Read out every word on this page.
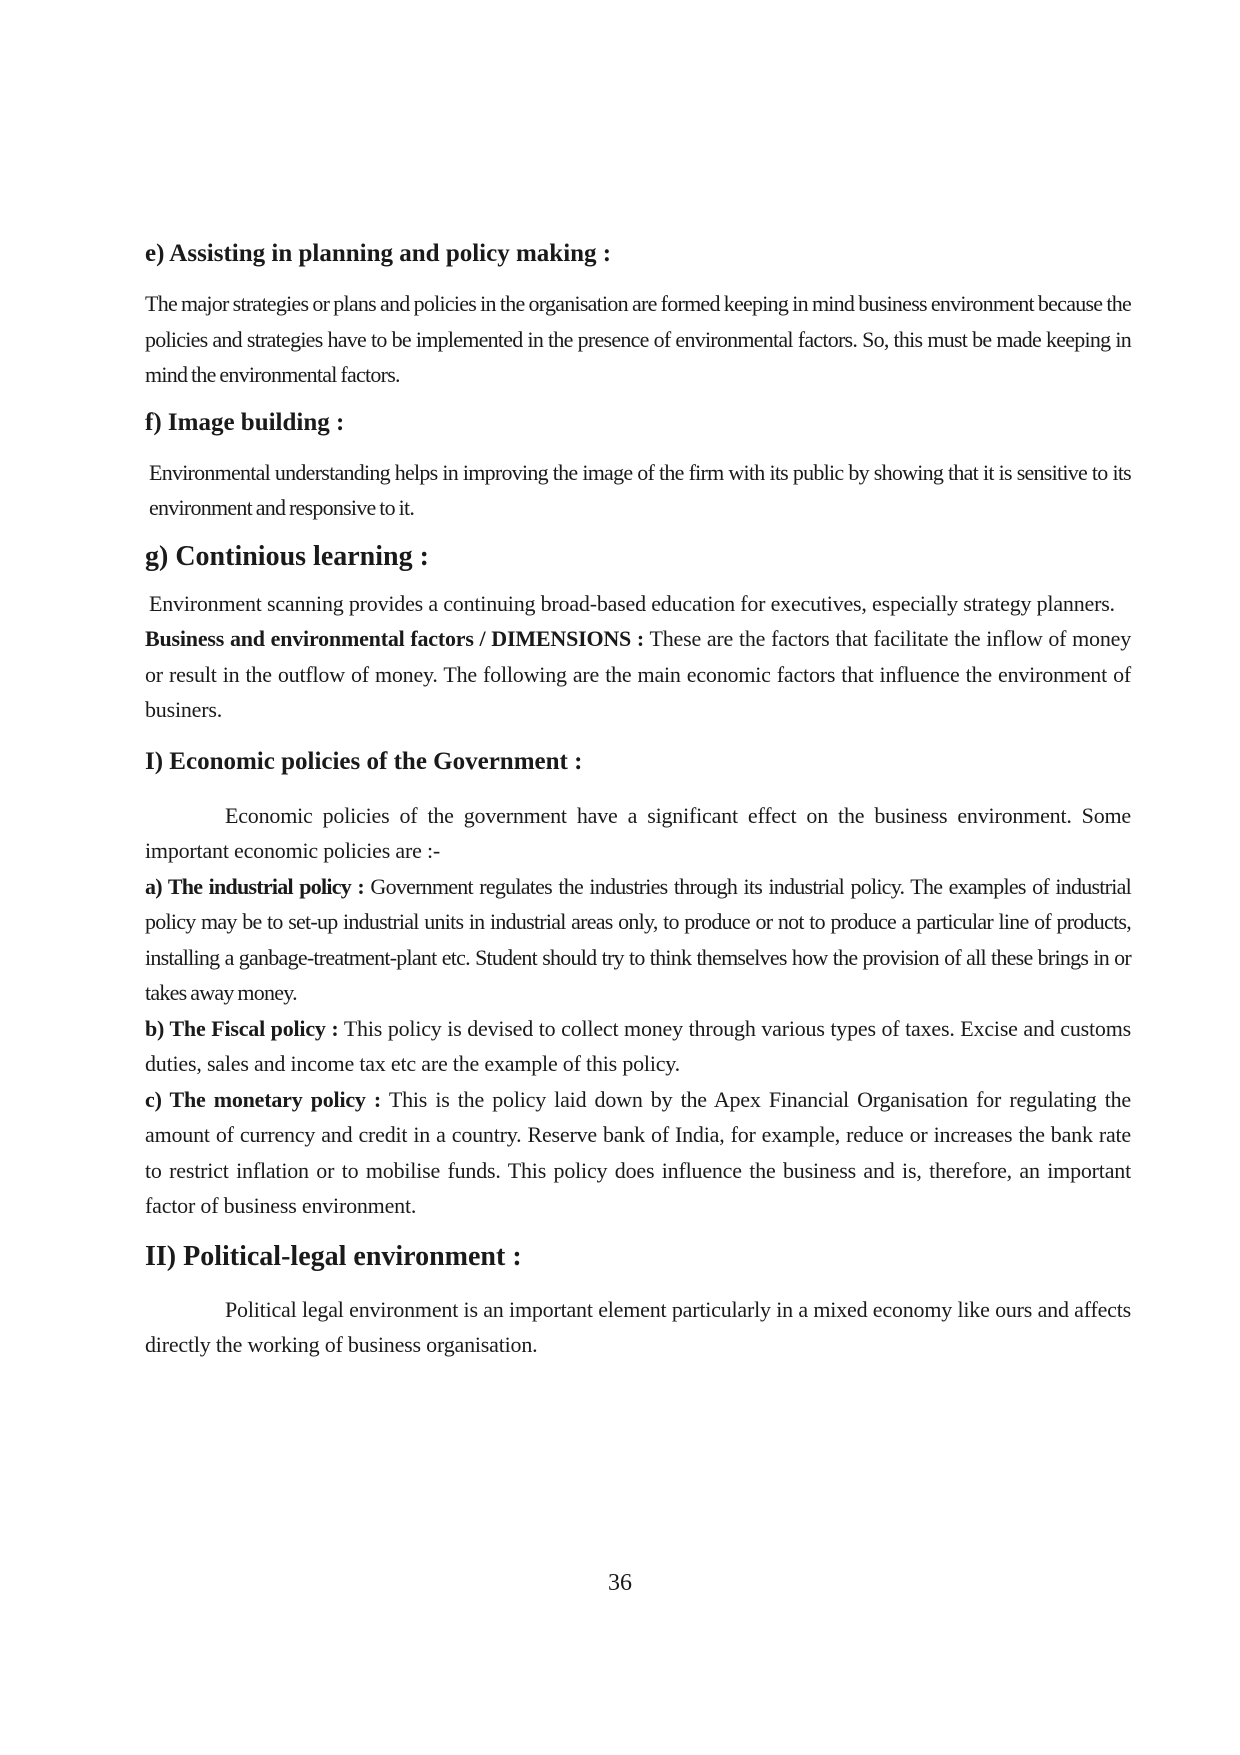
e) Assisting in planning and policy making :

The major strategies or plans and policies in the organisation are formed keeping in mind business environment because the policies and strategies have to be implemented in the presence of environmental factors. So, this must be made keeping in mind the environmental factors.

f) Image building :

Environmental understanding helps in improving the image of the firm with its public by showing that it is sensitive to its environment and responsive to it.

g) Continious learning :

Environment scanning provides a continuing broad-based education for executives, especially strategy planners.

Business and environmental factors / DIMENSIONS : These are the factors that facilitate the inflow of money or result in the outflow of money. The following are the main economic factors that influence the environment of businers.

I) Economic policies of the Government :

Economic policies of the government have a significant effect on the business environment. Some important economic policies are :-

a) The industrial policy : Government regulates the industries through its industrial policy. The examples of industrial policy may be to set-up industrial units in industrial areas only, to produce or not to produce a particular line of products, installing a ganbage-treatment-plant etc. Student should try to think themselves how the provision of all these brings in or takes away money.

b) The Fiscal policy : This policy is devised to collect money through various types of taxes. Excise and customs duties, sales and income tax etc are the example of this policy.

c) The monetary policy : This is the policy laid down by the Apex Financial Organisation for regulating the amount of currency and credit in a country. Reserve bank of India, for example, reduce or increases the bank rate to restrict inflation or to mobilise funds. This policy does influence the business and is, therefore, an important factor of business environment.

II) Political-legal environment :

Political legal environment is an important element particularly in a mixed economy like ours and affects directly the working of business organisation.

36
